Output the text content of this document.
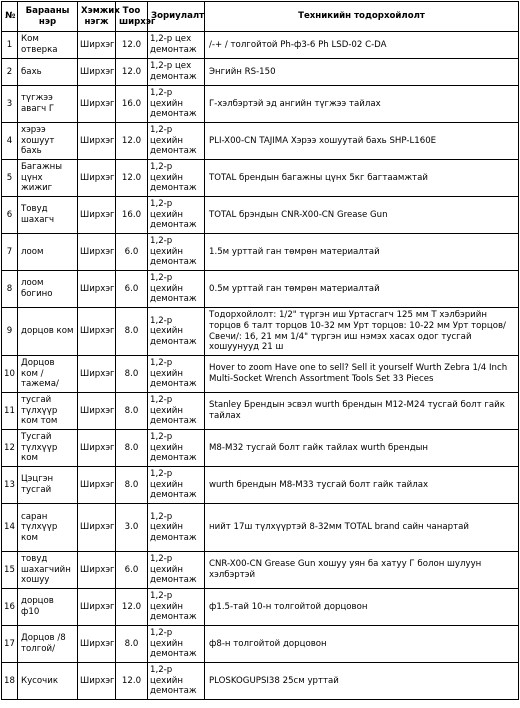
№	Барааны нэр	Хэмжих нэгж	Тоо ширхэг	Зориулалт	Техникийн тодорхойлолт
1	Ком отверка	Ширхэг	12.0	1,2-р цех демонтаж	/-+ / толгойтой Ph-ф3-6 Ph LSD-02 C-DA
2	бахь	Ширхэг	12.0	1,2-р цех демонтаж	Энгийн RS-150
3	түгжээ авагч Г	Ширхэг	16.0	1,2-р цехийн демонтаж	Г-хэлбэртэй эд ангийн түгжээ тайлах
4	хэрээ хошуут бахь	Ширхэг	12.0	1,2-р цехийн демонтаж	PLI-X00-CN TAJIMA Хэрээ хошуутай бахь SHP-L160E
5	Багажны цүнх жижиг	Ширхэг	12.0	1,2-р цехийн демонтаж	TOTAL брендын багажны цүнх 5кг багтаамжтай
6	Товуд шахагч	Ширхэг	16.0	1,2-р цехийн демонтаж	TOTAL брэндын CNR-X00-CN Grease Gun
7	лоом	Ширхэг	6.0	1,2-р цехийн демонтаж	1.5м урттай ган төмрөн материалтай
8	лоом богино	Ширхэг	6.0	1,2-р цехийн демонтаж	0.5м урттай ган төмрөн материалтай
9	дорцов ком	Ширхэг	8.0	1,2-р цехийн демонтаж	Тодорхойлолт: 1/2" түргэн иш Уртасгагч 125 мм Т хэлбэрийн торцов 6 талт торцов 10-32 мм Урт торцов: 10-22 мм Урт торцов/Свечи/: 16, 21 мм 1/4" түргэн иш нэмэх хасах одог тусгай хошуунууд 21 ш
10	Дорцов ком /тажема/	Ширхэг	8.0	1,2-р цехийн демонтаж	Hover to zoom Have one to sell? Sell it yourself Wurth Zebra 1/4 Inch Multi-Socket Wrench Assortment Tools Set 33 Pieces
11	тусгай түлхүүр ком том	Ширхэг	8.0	1,2-р цехийн демонтаж	Stanley Брендын эсвэл wurth брендын M12-M24 тусгай болт гайк тайлах
12	Тусгай түлхүүр ком	Ширхэг	8.0	1,2-р цехийн демонтаж	M8-M32 тусгай болт гайк тайлах wurth брендын
13	Цэцгэн тусгай	Ширхэг	8.0	1,2-р цехийн демонтаж	wurth брендын M8-M33 тусгай болт гайк тайлах
14	саран түлхүүр ком	Ширхэг	3.0	1,2-р цехийн демонтаж	нийт 17ш түлхүүртэй 8-32мм TOTAL brand сайн чанартай
15	товуд шахагчийн хошуу	Ширхэг	6.0	1,2-р цехийн демонтаж	CNR-X00-CN Grease Gun хошуу уян ба хатуу Г болон шулуун хэлбэртэй
16	дорцов ф10	Ширхэг	12.0	1,2-р цехийн демонтаж	ф1.5-тай 10-н толгойтой дорцовон
17	Дорцов /8 толгой/	Ширхэг	8.0	1,2-р цехийн демонтаж	ф8-н толгойтой дорцовон
18	Кусочик	Ширхэг	12.0	1,2-р цехийн демонтаж	PLOSKOGUPSI38 25см урттай
